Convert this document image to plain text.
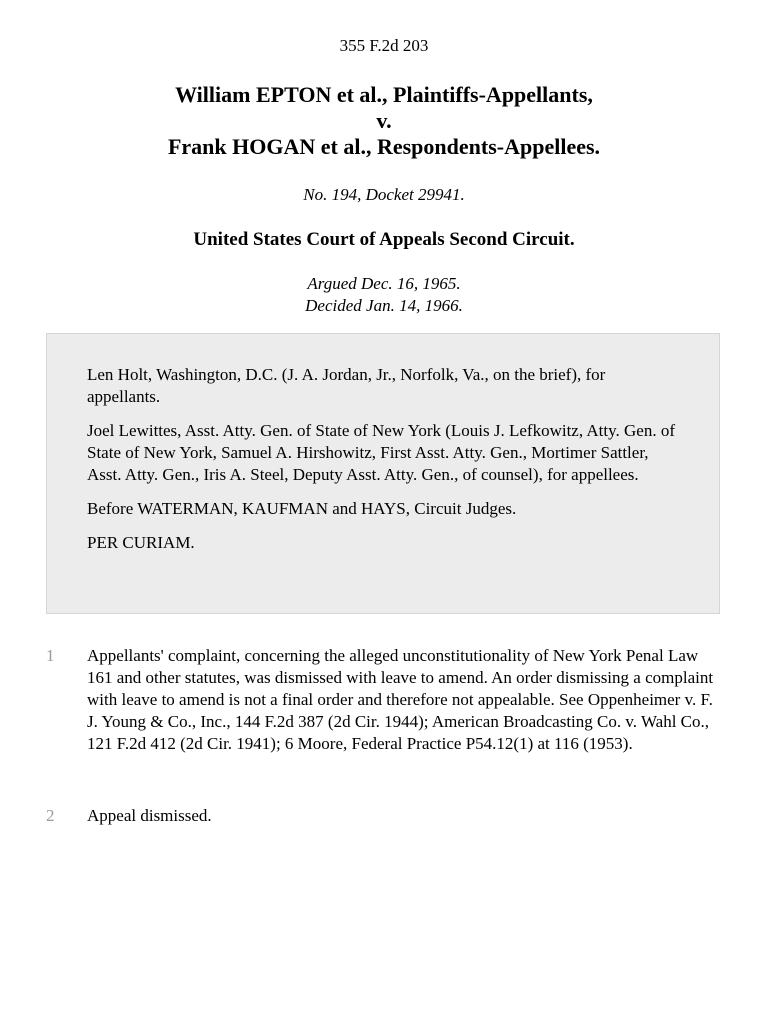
355 F.2d 203
William EPTON et al., Plaintiffs-Appellants,
v.
Frank HOGAN et al., Respondents-Appellees.
No. 194, Docket 29941.
United States Court of Appeals Second Circuit.
Argued Dec. 16, 1965.
Decided Jan. 14, 1966.

Len Holt, Washington, D.C. (J. A. Jordan, Jr., Norfolk, Va., on the brief), for appellants.

Joel Lewittes, Asst. Atty. Gen. of State of New York (Louis J. Lefkowitz, Atty. Gen. of State of New York, Samuel A. Hirshowitz, First Asst. Atty. Gen., Mortimer Sattler, Asst. Atty. Gen., Iris A. Steel, Deputy Asst. Atty. Gen., of counsel), for appellees.

Before WATERMAN, KAUFMAN and HAYS, Circuit Judges.

PER CURIAM.

1	Appellants' complaint, concerning the alleged unconstitutionality of New York Penal Law 161 and other statutes, was dismissed with leave to amend. An order dismissing a complaint with leave to amend is not a final order and therefore not appealable. See Oppenheimer v. F. J. Young & Co., Inc., 144 F.2d 387 (2d Cir. 1944); American Broadcasting Co. v. Wahl Co., 121 F.2d 412 (2d Cir. 1941); 6 Moore, Federal Practice P54.12(1) at 116 (1953).
2	Appeal dismissed.
